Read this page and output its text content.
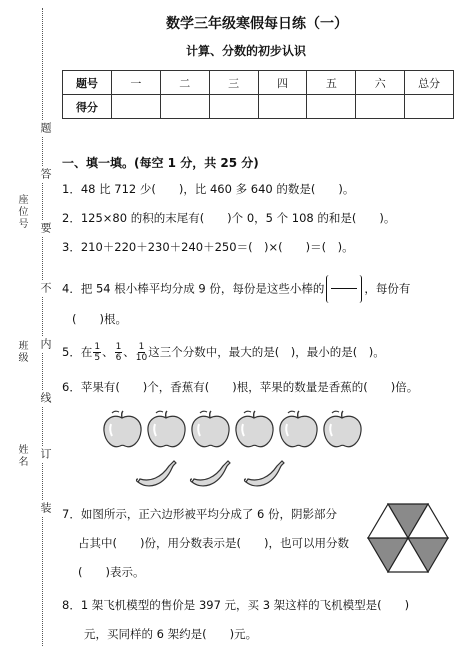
题
答
要
不
内
线
订
装
座位号
班级
姓名
数学三年级寒假每日练（一）
计算、分数的初步认识
题号	一	二	三	四	五	六	总分
得分							
一、填一填。(每空 1 分，共 25 分)
1．48 比 712 少(　　)，比 460 多 640 的数是(　　)。
2．125×80 的积的末尾有(　　)个 0，5 个 108 的和是(　　)。
3．210＋220＋230＋240＋250＝(　)×(　　)＝(　)。
4．把 54 根小棒平均分成 9 份，每份是这些小棒的	，每份有
(　　)根。
5．在 $\frac{1}{5}$ 、 $\frac{1}{6}$ 、 $\frac{1}{10}$ 这三个分数中，最大的是(　)，最小的是(　)。
6．苹果有(　　)个，香蕉有(　　)根，苹果的数量是香蕉的(　　)倍。
7．如图所示，正六边形被平均分成了 6 份，阴影部分
占其中(　　)份，用分数表示是(　　)，也可以用分数
(　　)表示。
8．1 架飞机模型的售价是 397 元，买 3 架这样的飞机模型是(　　)
元，买同样的 6 架约是(　　)元。
